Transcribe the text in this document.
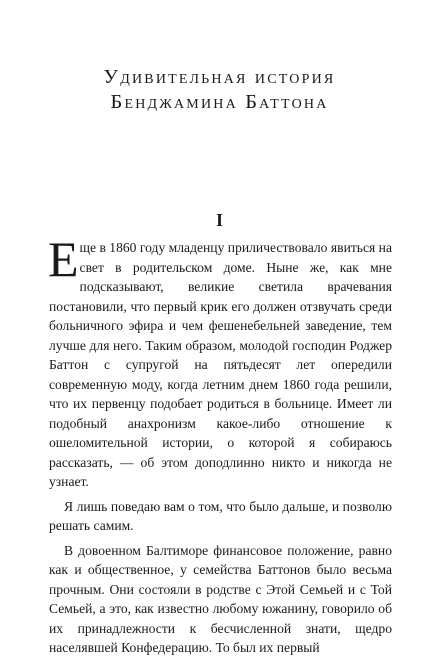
Удивительная история
Бенджамина Баттона
I

Еще в 1860 году младенцу приличествовало явиться на свет в родительском доме. Ныне же, как мне подсказывают, великие светила врачевания постановили, что первый крик его должен отзвучать среди больничного эфира и чем фешенебельней заведение, тем лучше для него. Таким образом, молодой господин Роджер Баттон с супругой на пятьдесят лет опередили современную моду, когда летним днем 1860 года решили, что их первенцу подобает родиться в больнице. Имеет ли подобный анахронизм какое-либо отношение к ошеломительной истории, о которой я собираюсь рассказать, — об этом доподлинно никто и никогда не узнает.

Я лишь поведаю вам о том, что было дальше, и позволю решать самим.

В довоенном Балтиморе финансовое положение, равно как и общественное, у семейства Баттонов было весьма прочным. Они состояли в родстве с Этой Семьей и с Той Семьей, а это, как известно любому южанину, говорило об их принадлежности к бесчисленной знати, щедро населявшей Конфедерацию. То был их первый
